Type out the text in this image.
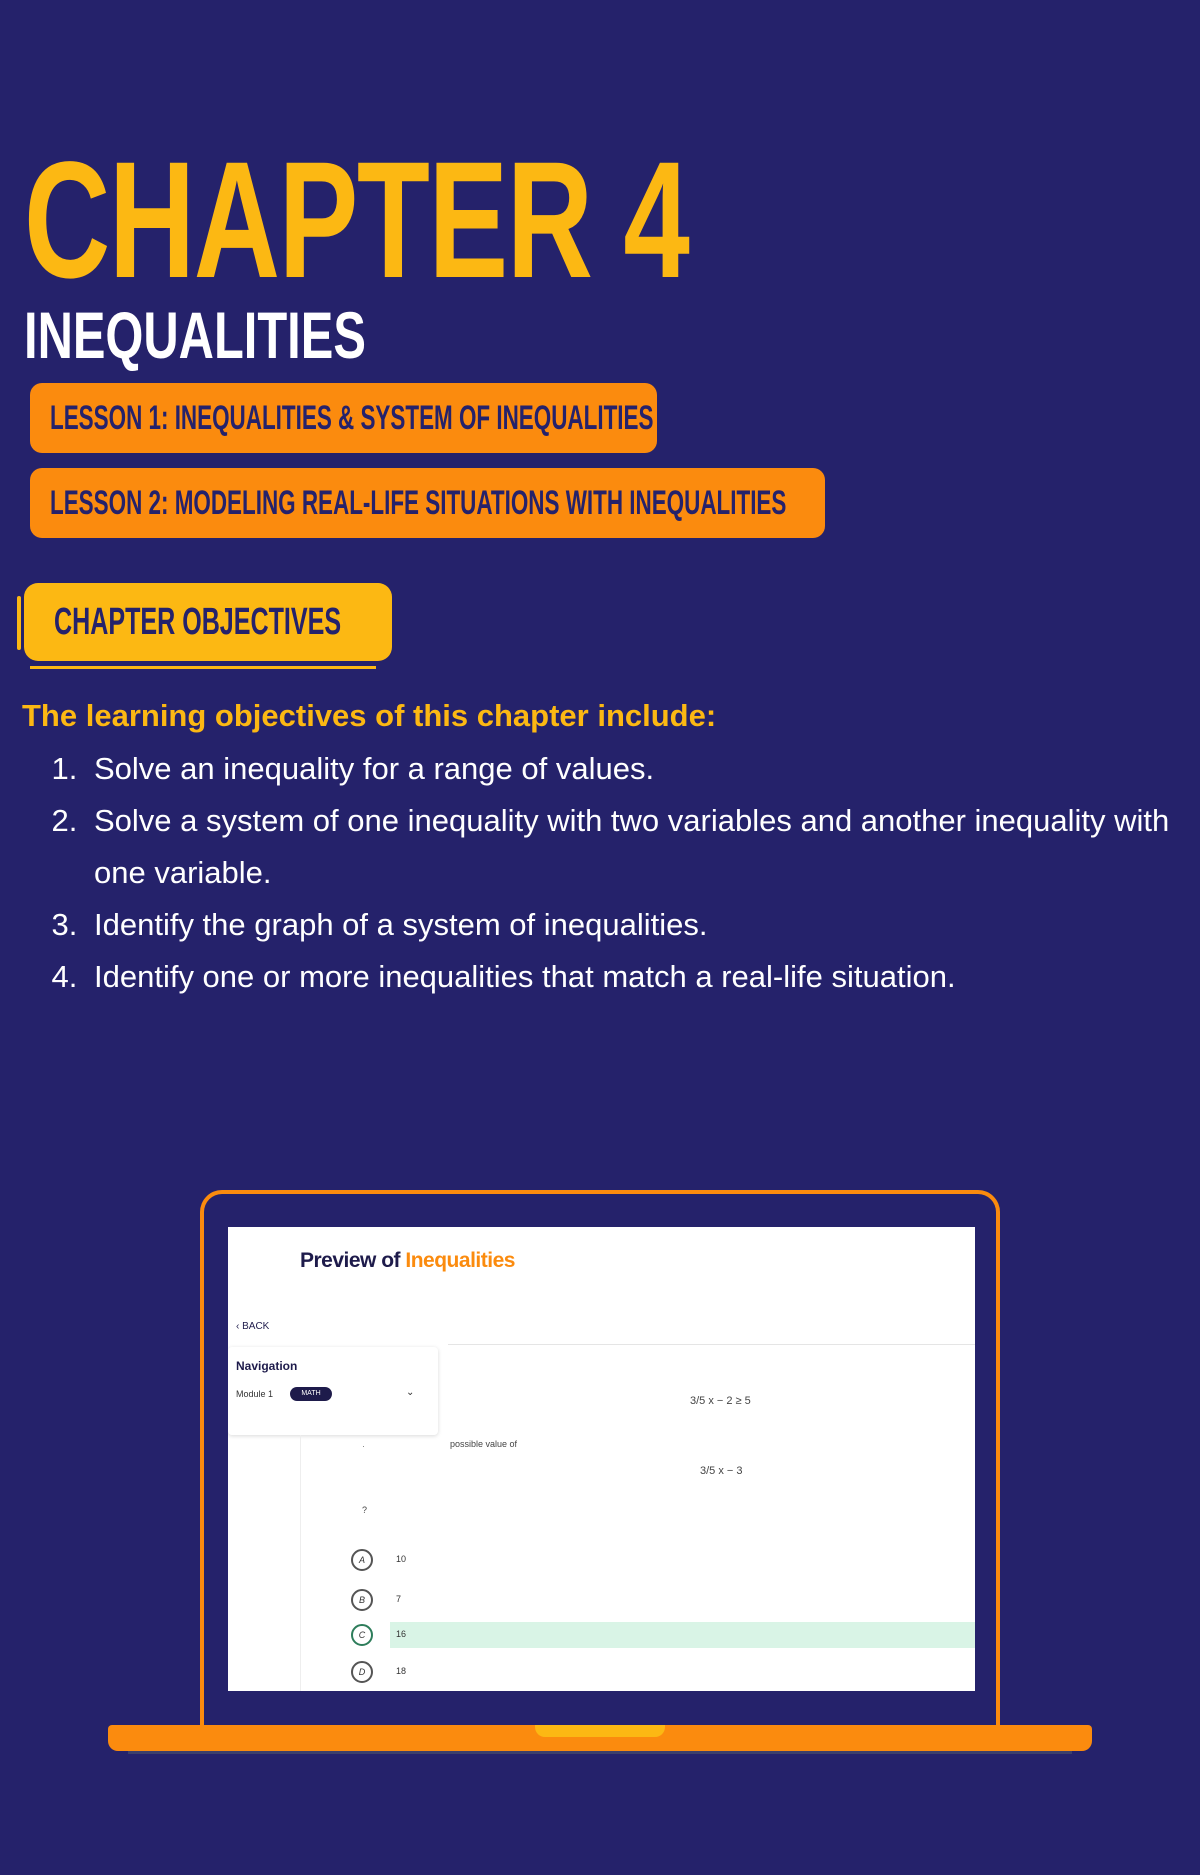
CHAPTER 4
INEQUALITIES
LESSON 1: INEQUALITIES & SYSTEM OF INEQUALITIES
LESSON 2: MODELING REAL-LIFE SITUATIONS WITH INEQUALITIES
CHAPTER OBJECTIVES
The learning objectives of this chapter include:
1. Solve an inequality for a range of values.
2. Solve a system of one inequality with two variables and another inequality with one variable.
3. Identify the graph of a system of inequalities.
4. Identify one or more inequalities that match a real-life situation.
Preview of Inequalities
‹ BACK
Navigation
Module 1	MATH	⌄
3/5 x − 2 ≥ 5
·	possible value of
3/5 x − 3
?
A	10
B	7
C	16
D	18
